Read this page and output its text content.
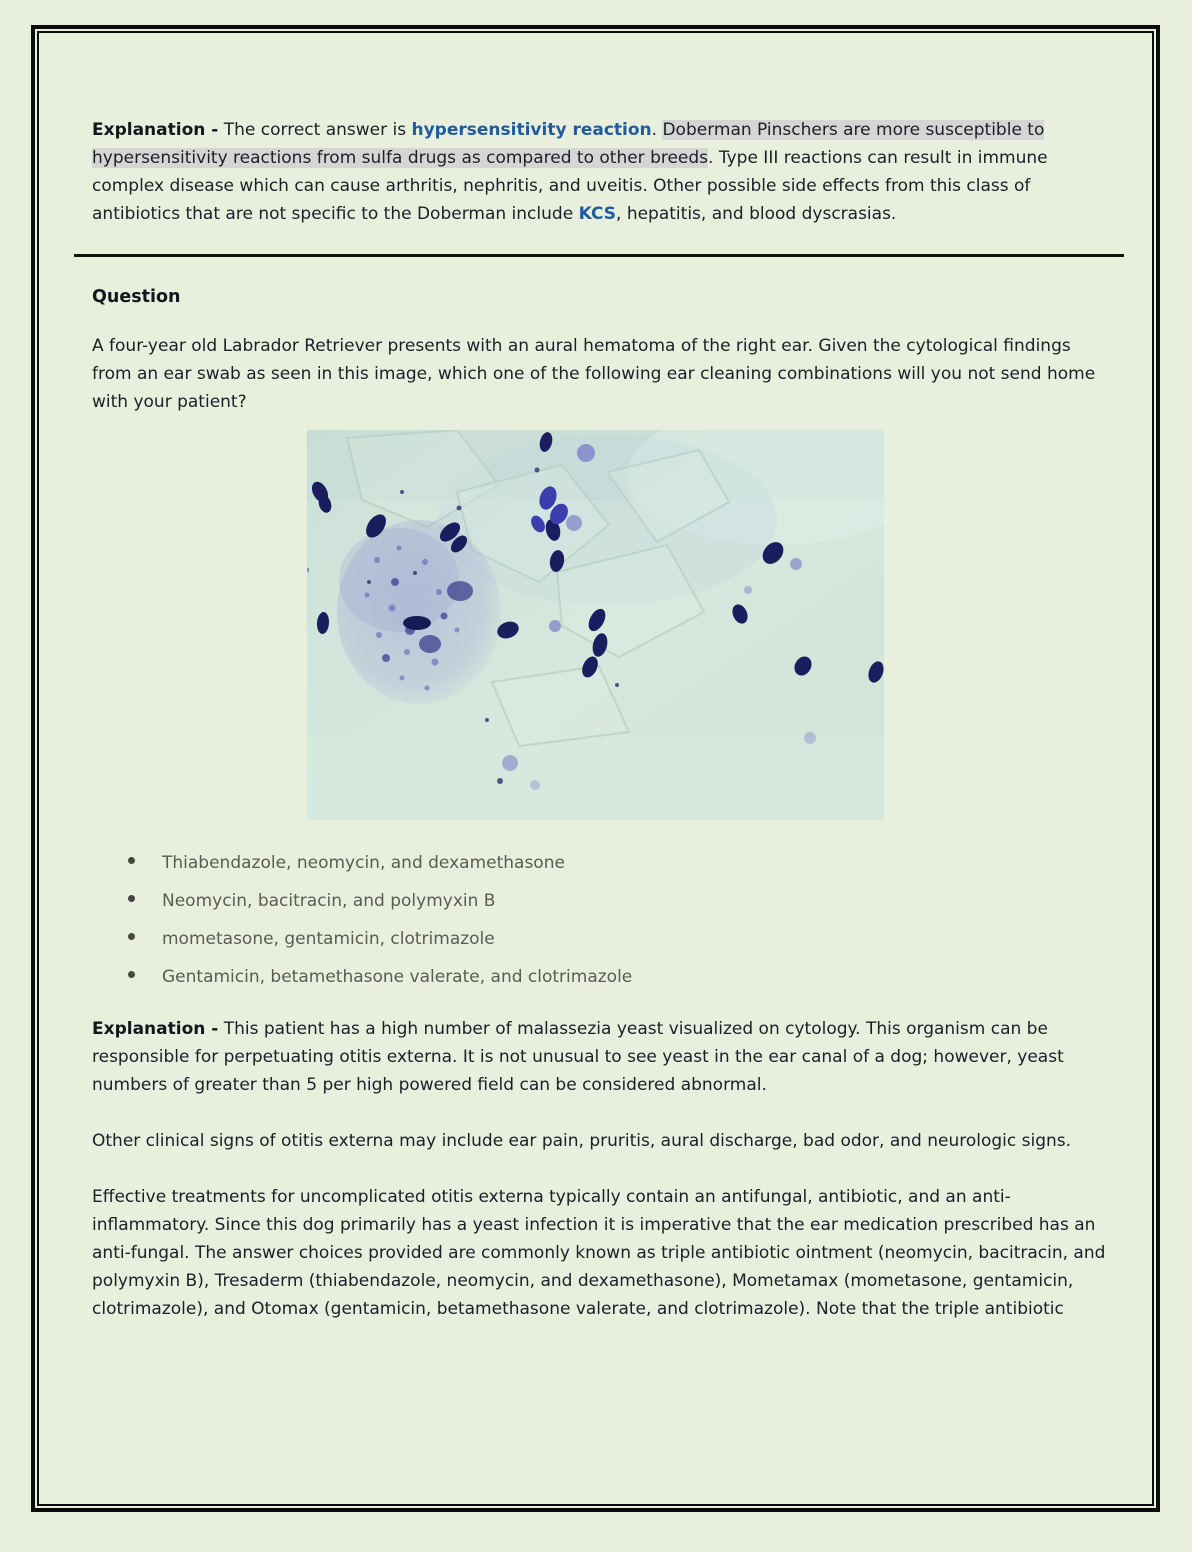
Explanation - The correct answer is hypersensitivity reaction. Doberman Pinschers are more susceptible to hypersensitivity reactions from sulfa drugs as compared to other breeds. Type III reactions can result in immune complex disease which can cause arthritis, nephritis, and uveitis. Other possible side effects from this class of antibiotics that are not specific to the Doberman include KCS, hepatitis, and blood dyscrasias.

Question

A four-year old Labrador Retriever presents with an aural hematoma of the right ear. Given the cytological findings from an ear swab as seen in this image, which one of the following ear cleaning combinations will you not send home with your patient?

Thiabendazole, neomycin, and dexamethasone
Neomycin, bacitracin, and polymyxin B
mometasone, gentamicin, clotrimazole
Gentamicin, betamethasone valerate, and clotrimazole

Explanation - This patient has a high number of malassezia yeast visualized on cytology. This organism can be responsible for perpetuating otitis externa. It is not unusual to see yeast in the ear canal of a dog; however, yeast numbers of greater than 5 per high powered field can be considered abnormal.

Other clinical signs of otitis externa may include ear pain, pruritis, aural discharge, bad odor, and neurologic signs.

Effective treatments for uncomplicated otitis externa typically contain an antifungal, antibiotic, and an anti-inflammatory. Since this dog primarily has a yeast infection it is imperative that the ear medication prescribed has an anti-fungal. The answer choices provided are commonly known as triple antibiotic ointment (neomycin, bacitracin, and polymyxin B), Tresaderm (thiabendazole, neomycin, and dexamethasone), Mometamax (mometasone, gentamicin, clotrimazole), and Otomax (gentamicin, betamethasone valerate, and clotrimazole). Note that the triple antibiotic
